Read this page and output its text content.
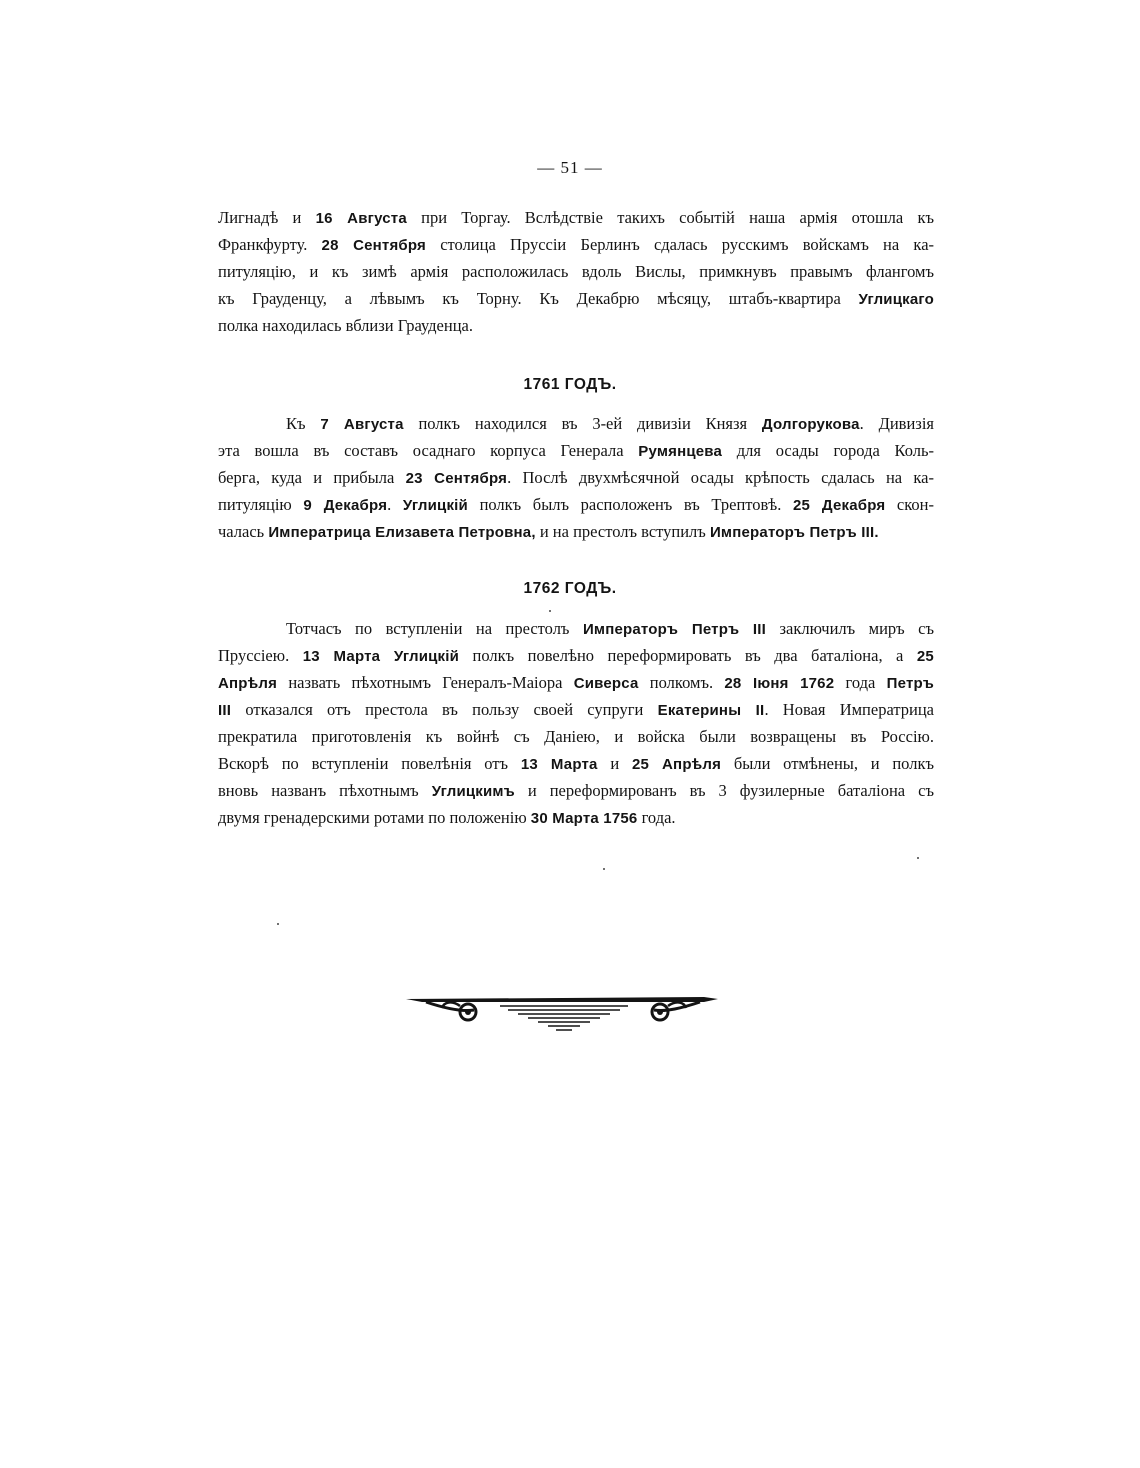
— 51 —
Лигнадѣ и 16 Августа при Торгау. Вслѣдствіе такихъ событій наша армія отошла къ
Франкфурту. 28 Сентября столица Пруссіи Берлинъ сдалась русскимъ войскамъ на ка-
питуляцію, и къ зимѣ армія расположилась вдоль Вислы, примкнувъ правымъ флангомъ
къ Грауденцу, а лѣвымъ къ Торну. Къ Декабрю мѣсяцу, штабъ-квартира Углицкаго
полка находилась вблизи Грауденца.
1761 ГОДЪ.
Къ 7 Августа полкъ находился въ 3-ей дивизіи Князя Долгорукова. Дивизія
эта вошла въ составъ осаднаго корпуса Генерала Румянцева для осады города Коль-
берга, куда и прибыла 23 Сентября. Послѣ двухмѣсячной осады крѣпость сдалась на ка-
питуляцію 9 Декабря. Углицкій полкъ былъ расположенъ въ Трептовѣ. 25 Декабря скон-
чалась Императрица Елизавета Петровна, и на престолъ вступилъ Императоръ Петръ III.
1762 ГОДЪ.
Тотчасъ по вступленіи на престолъ Императоръ Петръ III заключилъ миръ съ
Пруссіею. 13 Марта Углицкій полкъ повелѣно переформировать въ два баталіона, а 25
Апрѣля назвать пѣхотнымъ Генералъ-Маіора Сиверса полкомъ. 28 Іюня 1762 года Петръ
III отказался отъ престола въ пользу своей супруги Екатерины II. Новая Императрица
прекратила приготовленія къ войнѣ съ Даніею, и войска были возвращены въ Россію.
Вскорѣ по вступленіи повелѣнія отъ 13 Марта и 25 Апрѣля были отмѣнены, и полкъ
вновь названъ пѣхотнымъ Углицкимъ и переформированъ въ 3 фузилерные баталіона съ
двумя гренадерскими ротами по положенію 30 Марта 1756 года.
